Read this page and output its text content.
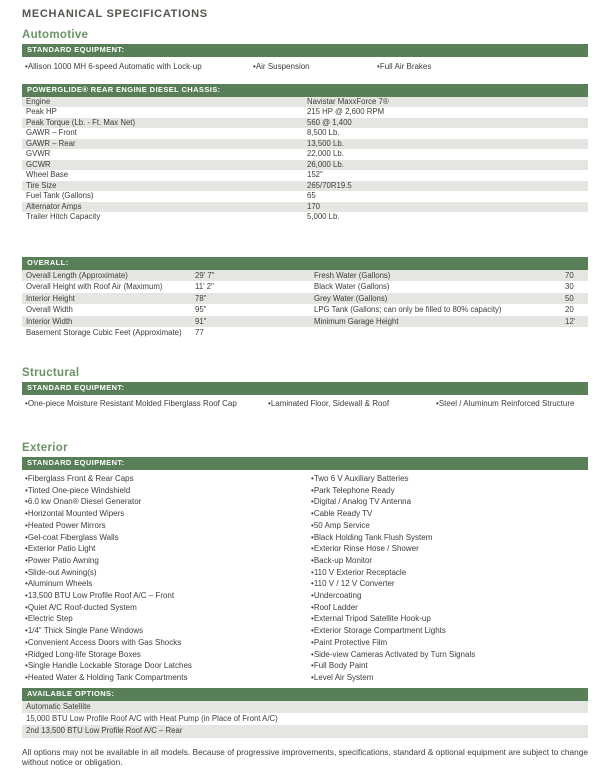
MECHANICAL SPECIFICATIONS
Automotive
STANDARD EQUIPMENT:
• Allison 1000 MH 6-speed Automatic with Lock-up	• Air Suspension	• Full Air Brakes
POWERGLIDE® REAR ENGINE DIESEL CHASSIS:
Engine	Navistar MaxxForce 7®
Peak HP	215 HP @ 2,600 RPM
Peak Torque (Lb. - Ft. Max Net)	560 @ 1,400
GAWR – Front	8,500 Lb.
GAWR – Rear	13,500 Lb.
GVWR	22,000 Lb.
GCWR	26,000 Lb.
Wheel Base	152"
Tire Size	265/70R19.5
Fuel Tank (Gallons)	65
Alternator Amps	170
Trailer Hitch Capacity	5,000 Lb.
OVERALL:
Overall Length (Approximate)	29' 7"	Fresh Water (Gallons)	70
Overall Height with Roof Air (Maximum)	11' 2"	Black Water (Gallons)	30
Interior Height	78"	Grey Water (Gallons)	50
Overall Width	95"	LPG Tank (Gallons; can only be filled to 80% capacity)	20
Interior Width	91"	Minimum Garage Height	12'
Basement Storage Cubic Feet (Approximate)	77
Structural
STANDARD EQUIPMENT:
• One-piece Moisture Resistant Molded Fiberglass Roof Cap	• Laminated Floor, Sidewall & Roof	• Steel / Aluminum Reinforced Structure
Exterior
STANDARD EQUIPMENT:
• Fiberglass Front & Rear Caps
• Tinted One-piece Windshield
• 6.0 kw Onan® Diesel Generator
• Horizontal Mounted Wipers
• Heated Power Mirrors
• Gel-coat Fiberglass Walls
• Exterior Patio Light
• Power Patio Awning
• Slide-out Awning(s)
• Aluminum Wheels
• 13,500 BTU Low Profile Roof A/C – Front
• Quiet A/C Roof-ducted System
• Electric Step
• 1/4" Thick Single Pane Windows
• Convenient Access Doors with Gas Shocks
• Ridged Long-life Storage Boxes
• Single Handle Lockable Storage Door Latches
• Heated Water & Holding Tank Compartments
• Two 6 V Auxiliary Batteries
• Park Telephone Ready
• Digital / Analog TV Antenna
• Cable Ready TV
• 50 Amp Service
• Black Holding Tank Flush System
• Exterior Rinse Hose / Shower
• Back-up Monitor
• 110 V Exterior Receptacle
• 110 V / 12 V Converter
• Undercoating
• Roof Ladder
• External Tripod Satellite Hook-up
• Exterior Storage Compartment Lights
• Paint Protective Film
• Side-view Cameras Activated by Turn Signals
• Full Body Paint
• Level Air System
AVAILABLE OPTIONS:
Automatic Satellite
15,000 BTU Low Profile Roof A/C with Heat Pump (in Place of Front A/C)
2nd 13,500 BTU Low Profile Roof A/C – Rear

All options may not be available in all models. Because of progressive improvements, specifications, standard & optional equipment are subject to change without notice or obligation.
